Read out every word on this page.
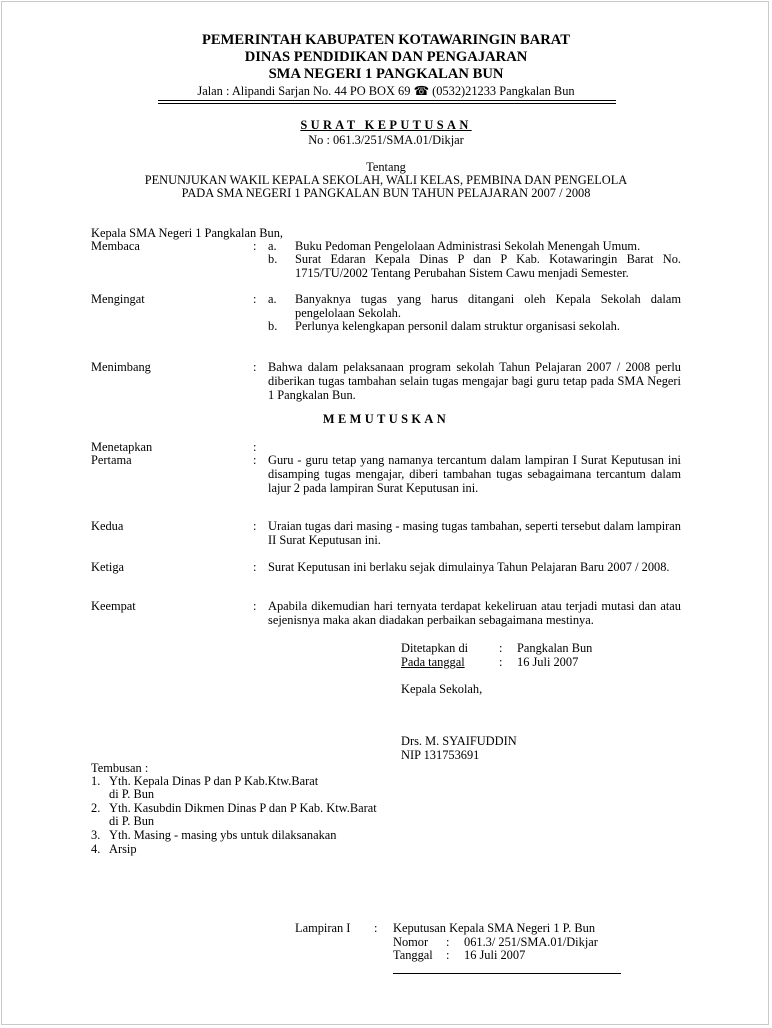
PEMERINTAH KABUPATEN KOTAWARINGIN BARAT
DINAS PENDIDIKAN DAN PENGAJARAN
SMA NEGERI 1 PANGKALAN BUN
Jalan : Alipandi Sarjan No. 44 PO BOX 69 ☎ (0532)21233 Pangkalan Bun
SURAT KEPUTUSAN
No : 061.3/251/SMA.01/Dikjar
Tentang
PENUNJUKAN WAKIL KEPALA SEKOLAH, WALI KELAS, PEMBINA DAN PENGELOLA
PADA SMA NEGERI 1 PANGKALAN BUN TAHUN PELAJARAN 2007 / 2008
Kepala SMA Negeri 1 Pangkalan Bun,
Membaca	: a. Buku Pedoman Pengelolaan Administrasi Sekolah Menengah Umum.
b. Surat Edaran Kepala Dinas P dan P Kab. Kotawaringin Barat No. 1715/TU/2002 Tentang Perubahan Sistem Cawu menjadi Semester.
Mengingat	: a. Banyaknya tugas yang harus ditangani oleh Kepala Sekolah dalam pengelolaan Sekolah.
b. Perlunya kelengkapan personil dalam struktur organisasi sekolah.
Menimbang	: Bahwa dalam pelaksanaan program sekolah Tahun Pelajaran 2007 / 2008 perlu diberikan tugas tambahan selain tugas mengajar bagi guru tetap pada SMA Negeri 1 Pangkalan Bun.
MEMUTUSKAN
Menetapkan	:
Pertama	: Guru - guru tetap yang namanya tercantum dalam lampiran I Surat Keputusan ini disamping tugas mengajar, diberi tambahan tugas sebagaimana tercantum dalam lajur 2 pada lampiran Surat Keputusan ini.
Kedua	: Uraian tugas dari masing - masing tugas tambahan, seperti tersebut dalam lampiran II Surat Keputusan ini.
Ketiga	: Surat Keputusan ini berlaku sejak dimulainya Tahun Pelajaran Baru 2007 / 2008.
Keempat	: Apabila dikemudian hari ternyata terdapat kekeliruan atau terjadi mutasi dan atau sejenisnya maka akan diadakan perbaikan sebagaimana mestinya.
Ditetapkan di : Pangkalan Bun
Pada tanggal	: 16 Juli 2007
Kepala Sekolah,
Drs. M. SYAIFUDDIN
NIP 131753691
Tembusan :
1. Yth. Kepala Dinas P dan P Kab.Ktw.Barat
di P. Bun
2. Yth. Kasubdin Dikmen Dinas P dan P Kab. Ktw.Barat
di P. Bun
3. Yth. Masing - masing ybs untuk dilaksanakan
4. Arsip
Lampiran I : Keputusan Kepala SMA Negeri 1 P. Bun
Nomor : 061.3/ 251/SMA.01/Dikjar
Tanggal : 16 Juli 2007
